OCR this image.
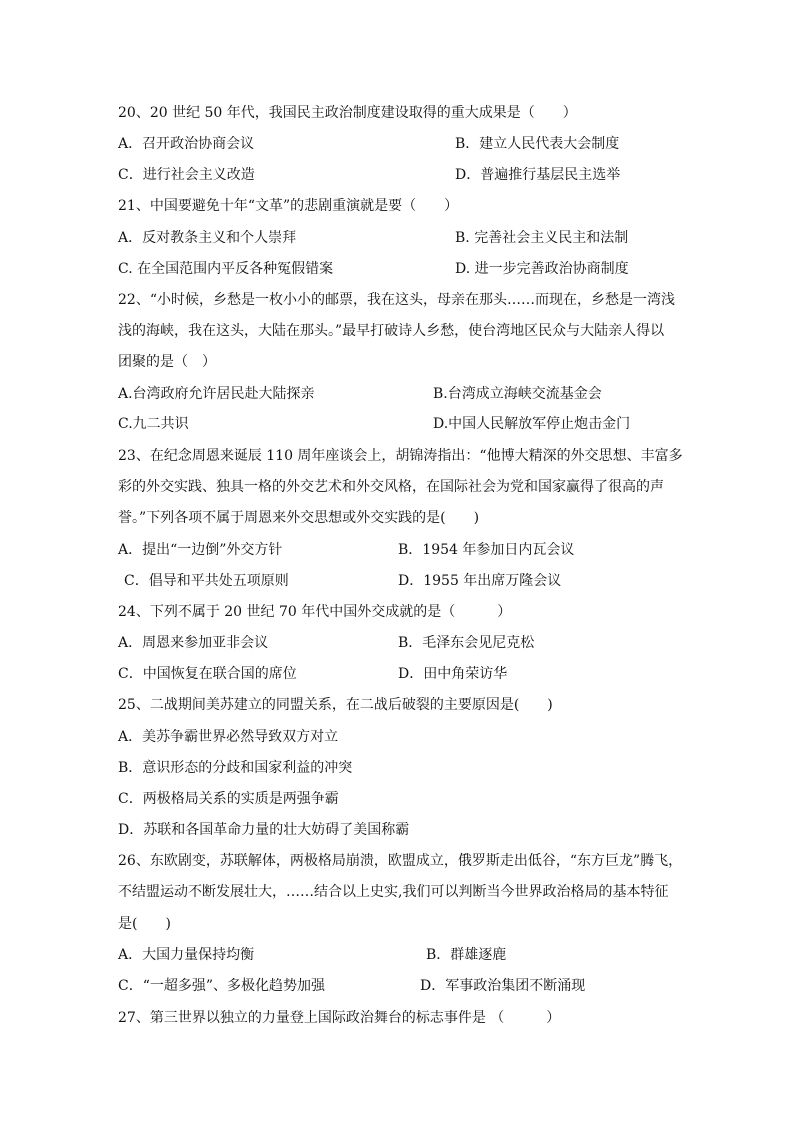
20、20 世纪 50 年代，我国民主政治制度建设取得的重大成果是（　　）
A．召开政治协商会议	B．建立人民代表大会制度
C．进行社会主义改造	D．普遍推行基层民主选举
21、中国要避免十年“文革”的悲剧重演就是要（　　）
A．反对教条主义和个人崇拜	B. 完善社会主义民主和法制
C. 在全国范围内平反各种冤假错案	D. 进一步完善政治协商制度
22、“小时候，乡愁是一枚小小的邮票，我在这头，母亲在那头……而现在，乡愁是一湾浅
浅的海峡，我在这头，大陆在那头。”最早打破诗人乡愁，使台湾地区民众与大陆亲人得以
团聚的是（　）
A.台湾政府允许居民赴大陆探亲	B.台湾成立海峡交流基金会
C.九二共识	D.中国人民解放军停止炮击金门
23、在纪念周恩来诞辰 110 周年座谈会上，胡锦涛指出：“他博大精深的外交思想、丰富多
彩的外交实践、独具一格的外交艺术和外交风格，在国际社会为党和国家赢得了很高的声
誉。”下列各项不属于周恩来外交思想或外交实践的是(　　)
A．提出“一边倒”外交方针	B．1954 年参加日内瓦会议
C．倡导和平共处五项原则	D．1955 年出席万隆会议
24、下列不属于 20 世纪 70 年代中国外交成就的是（　　　）
A．周恩来参加亚非会议	B．毛泽东会见尼克松
C．中国恢复在联合国的席位	D．田中角荣访华
25、二战期间美苏建立的同盟关系，在二战后破裂的主要原因是(　　)
A．美苏争霸世界必然导致双方对立
B．意识形态的分歧和国家利益的冲突
C．两极格局关系的实质是两强争霸
D．苏联和各国革命力量的壮大妨碍了美国称霸
26、东欧剧变，苏联解体，两极格局崩溃，欧盟成立，俄罗斯走出低谷，“东方巨龙”腾飞，
不结盟运动不断发展壮大，……结合以上史实,我们可以判断当今世界政治格局的基本特征
是(　　)
A．大国力量保持均衡	B．群雄逐鹿
C．“一超多强”、多极化趋势加强	D．军事政治集团不断涌现
27、第三世界以独立的力量登上国际政治舞台的标志事件是 （　　　）
